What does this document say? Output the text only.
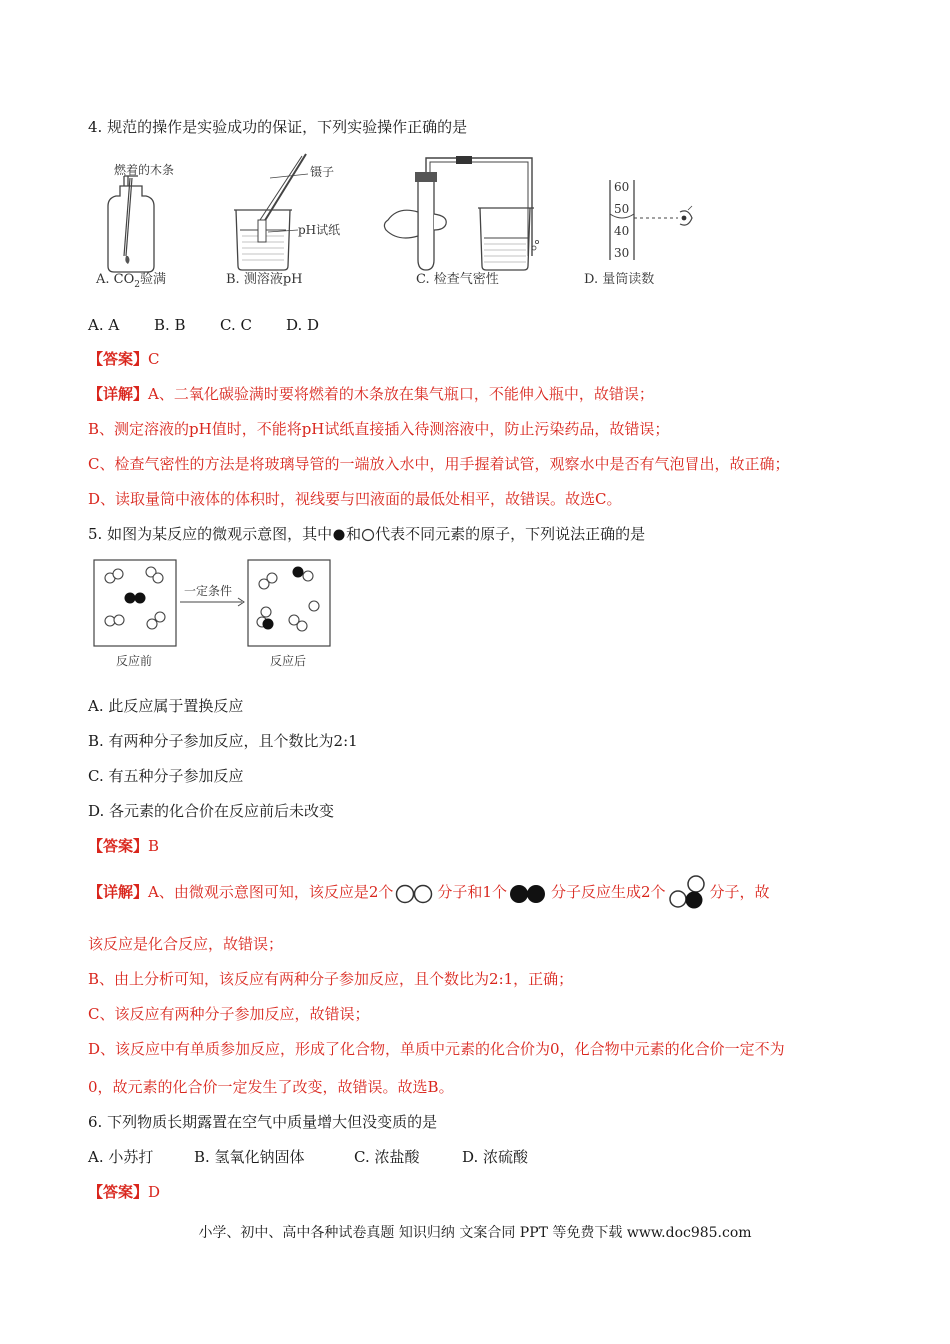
4. 规范的操作是实验成功的保证，下列实验操作正确的是
燃着的木条
A. $CO_2$验满
镊子
pH试纸
B. 测溶液pH	C. 检查气密性
60
50
40
30
D. 量筒读数
A. A B. B C. C D. D
【答案】C
【详解】A、二氧化碳验满时要将燃着的木条放在集气瓶口，不能伸入瓶中，故错误；
B、测定溶液的pH值时，不能将pH试纸直接插入待测溶液中，防止污染药品，故错误；
C、检查气密性的方法是将玻璃导管的一端放入水中，用手握着试管，观察水中是否有气泡冒出，故正确；
D、读取量筒中液体的体积时，视线要与凹液面的最低处相平，故错误。故选C。
5. 如图为某反应的微观示意图，其中 和 代表不同元素的原子，下列说法正确的是
一定条件
反应前	反应后
A. 此反应属于置换反应
B. 有两种分子参加反应，且个数比为2:1
C. 有五种分子参加反应
D. 各元素的化合价在反应前后未改变
【答案】B
【详解】A、由微观示意图可知，该反应是2个	分子和1个	分子反应生成2个	分子，故
该反应是化合反应，故错误；
B、由上分析可知，该反应有两种分子参加反应，且个数比为2:1，正确；
C、该反应有两种分子参加反应，故错误；
D、该反应中有单质参加反应，形成了化合物，单质中元素的化合价为0，化合物中元素的化合价一定不为
0，故元素的化合价一定发生了改变，故错误。故选B。
6. 下列物质长期露置在空气中质量增大但没变质的是
A. 小苏打	B. 氢氧化钠固体	C. 浓盐酸	D. 浓硫酸
【答案】D
小学、初中、高中各种试卷真题 知识归纳 文案合同 PPT 等免费下载 www.doc985.com
